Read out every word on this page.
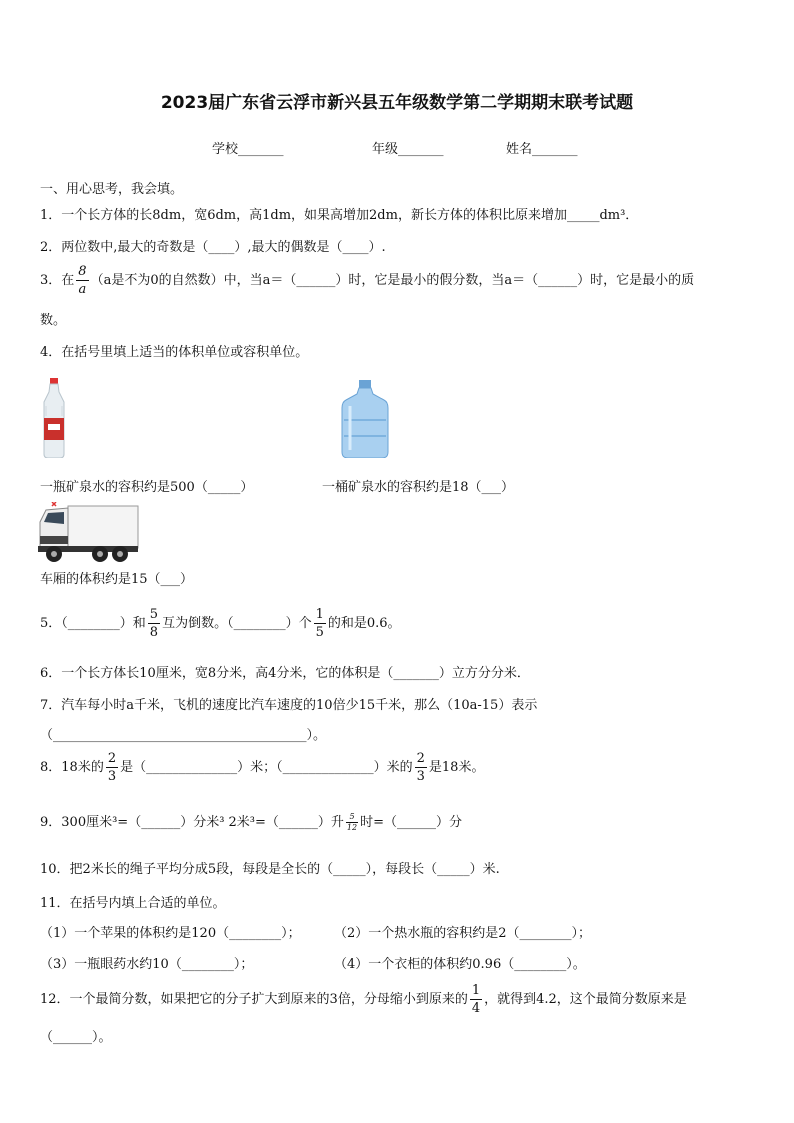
2023届广东省云浮市新兴县五年级数学第二学期期末联考试题
学校_______	年级_______	姓名_______
一、用心思考，我会填。
1．一个长方体的长8dm，宽6dm，高1dm，如果高增加2dm，新长方体的体积比原来增加_____dm³．
2．两位数中,最大的奇数是（____）,最大的偶数是（____）.
3．在 $\frac{8}{a} (a$是不为0的自然数）中，当a＝（______）时，它是最小的假分数，当a＝（______）时，它是最小的质
数。
4．在括号里填上适当的体积单位或容积单位。
一瓶矿泉水的容积约是500（_____）	一桶矿泉水的容积约是18（___）
车厢的体积约是15（___）
5．（________）和 $\frac{5}{8}$ 互为倒数。（________）个 $\frac{1}{5}$ 的和是0.6。
6．一个长方体长10厘米，宽8分米，高4分米，它的体积是（_______）立方分分米．
7．汽车每小时a千米，飞机的速度比汽车速度的10倍少15千米，那么（10a-15）表示
（_______________________________________）。
8．18米的 $\frac{2}{3}$ 是（______________）米；（______________）米的 $\frac{2}{3}$ 是18米。
9．300厘米³=（______）分米³ 2米³=（______）升 $\frac{5}{12}$ 时=（______）分
10．把2米长的绳子平均分成5段，每段是全长的（_____），每段长（_____）米.
11．在括号内填上合适的单位。
（1）一个苹果的体积约是120（________）；	（2）一个热水瓶的容积约是2（________）；
（3）一瓶眼药水约10（________）；	（4）一个衣柜的体积约0.96（________）。
12．一个最简分数，如果把它的分子扩大到原来的3倍，分母缩小到原来的 $\frac{1}{4}$ ，就得到4.2，这个最简分数原来是
（______）。
